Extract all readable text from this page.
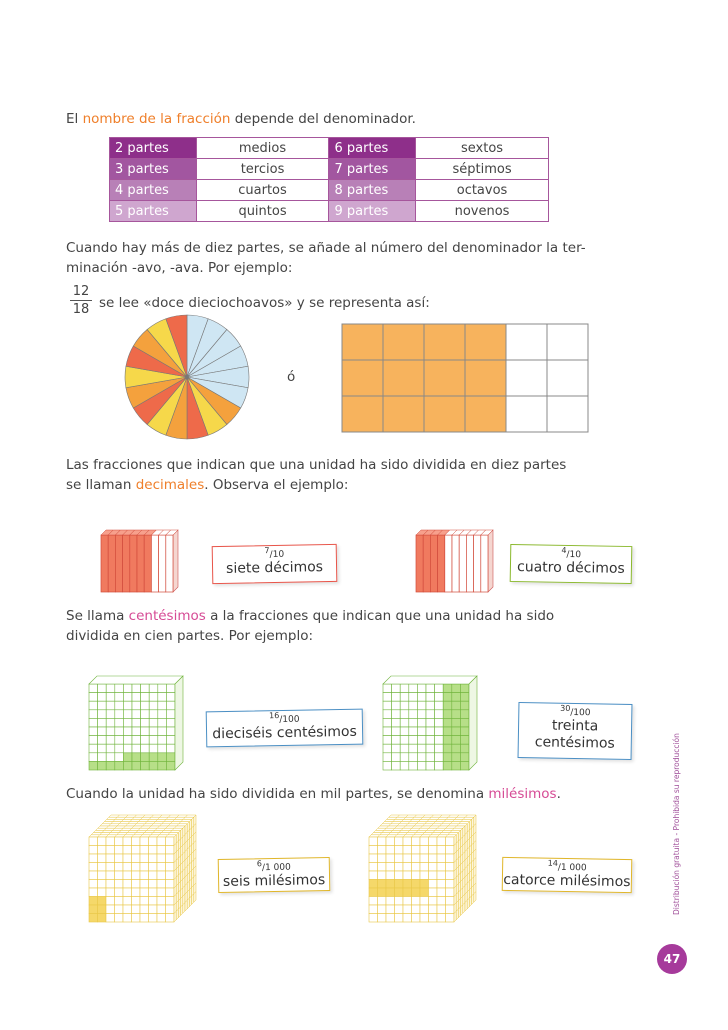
El nombre de la fracción depende del denominador.
2 partes	medios	6 partes	sextos
3 partes	tercios	7 partes	séptimos
4 partes	cuartos	8 partes	octavos
5 partes	quintos	9 partes	novenos
Cuando hay más de diez partes, se añade al número del denominador la ter-
minación -avo, -ava. Por ejemplo:
12
18 se lee «doce dieciochoavos» y se representa así:
ó
Las fracciones que indican que una unidad ha sido dividida en diez partes
se llaman decimales. Observa el ejemplo:
$^7$/10
siete décimos
$^4$/10
cuatro décimos
Se llama centésimos a la fracciones que indican que una unidad ha sido
dividida en cien partes. Por ejemplo:
$^{16}$/100
dieciséis centésimos
$^{30}$/100
treinta
centésimos
Cuando la unidad ha sido dividida en mil partes, se denomina milésimos.
$^6$/1 000
seis milésimos
$^{14}$/1 000
catorce milésimos	Distribución gratuita - Prohibida su reproducción
47
